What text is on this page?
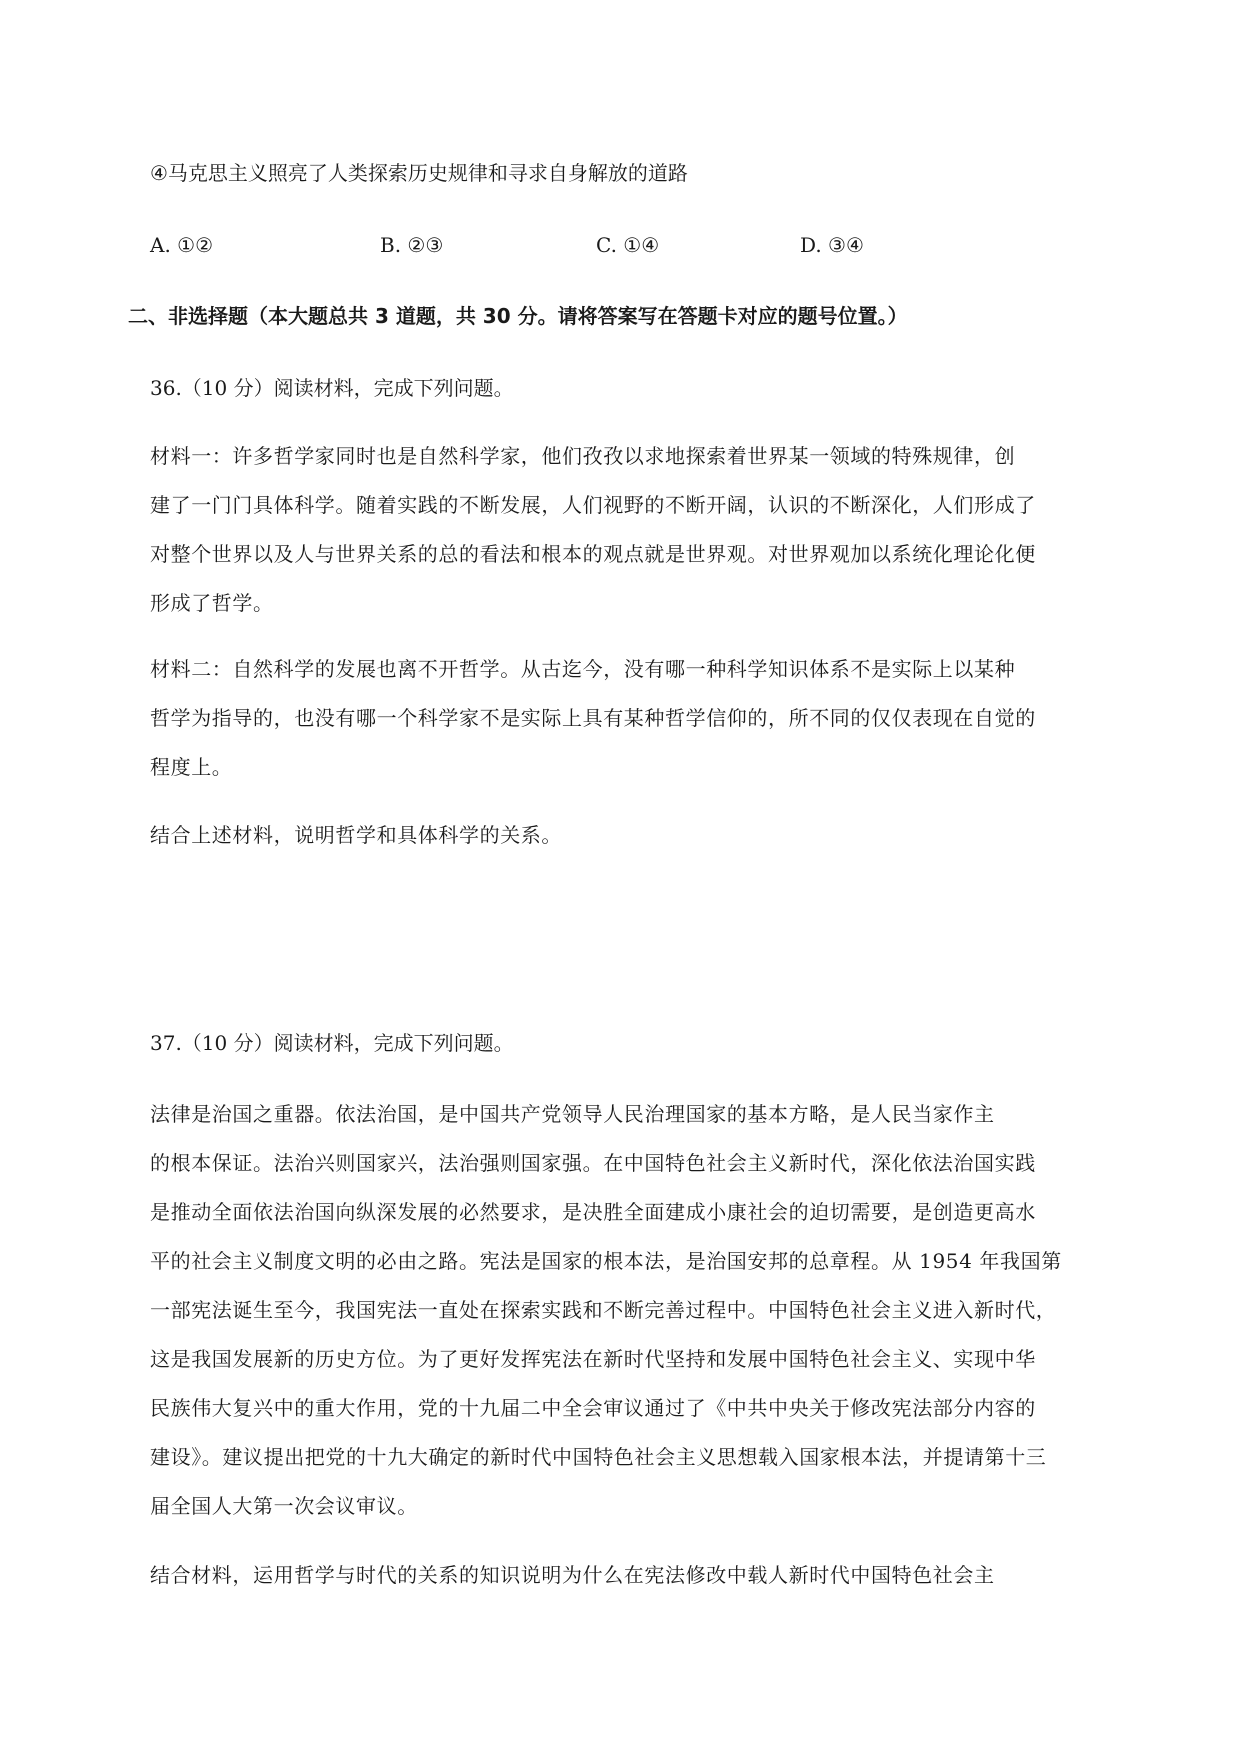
④马克思主义照亮了人类探索历史规律和寻求自身解放的道路
A. ①②	B. ②③	C. ①④	D. ③④
二、非选择题（本大题总共 3 道题，共 30 分。请将答案写在答题卡对应的题号位置。）
36.（10 分）阅读材料，完成下列问题。
材料一：许多哲学家同时也是自然科学家，他们孜孜以求地探索着世界某一领域的特殊规律，创
建了一门门具体科学。随着实践的不断发展，人们视野的不断开阔，认识的不断深化，人们形成了
对整个世界以及人与世界关系的总的看法和根本的观点就是世界观。对世界观加以系统化理论化便
形成了哲学。
材料二：自然科学的发展也离不开哲学。从古迄今，没有哪一种科学知识体系不是实际上以某种
哲学为指导的，也没有哪一个科学家不是实际上具有某种哲学信仰的，所不同的仅仅表现在自觉的
程度上。
结合上述材料，说明哲学和具体科学的关系。
37.（10 分）阅读材料，完成下列问题。
法律是治国之重器。依法治国，是中国共产党领导人民治理国家的基本方略，是人民当家作主
的根本保证。法治兴则国家兴，法治强则国家强。在中国特色社会主义新时代，深化依法治国实践
是推动全面依法治国向纵深发展的必然要求，是决胜全面建成小康社会的迫切需要，是创造更高水
平的社会主义制度文明的必由之路。宪法是国家的根本法，是治国安邦的总章程。从 1954 年我国第
一部宪法诞生至今，我国宪法一直处在探索实践和不断完善过程中。中国特色社会主义进入新时代，
这是我国发展新的历史方位。为了更好发挥宪法在新时代坚持和发展中国特色社会主义、实现中华
民族伟大复兴中的重大作用，党的十九届二中全会审议通过了《中共中央关于修改宪法部分内容的
建设》。建议提出把党的十九大确定的新时代中国特色社会主义思想载入国家根本法，并提请第十三
届全国人大第一次会议审议。
结合材料，运用哲学与时代的关系的知识说明为什么在宪法修改中载人新时代中国特色社会主
